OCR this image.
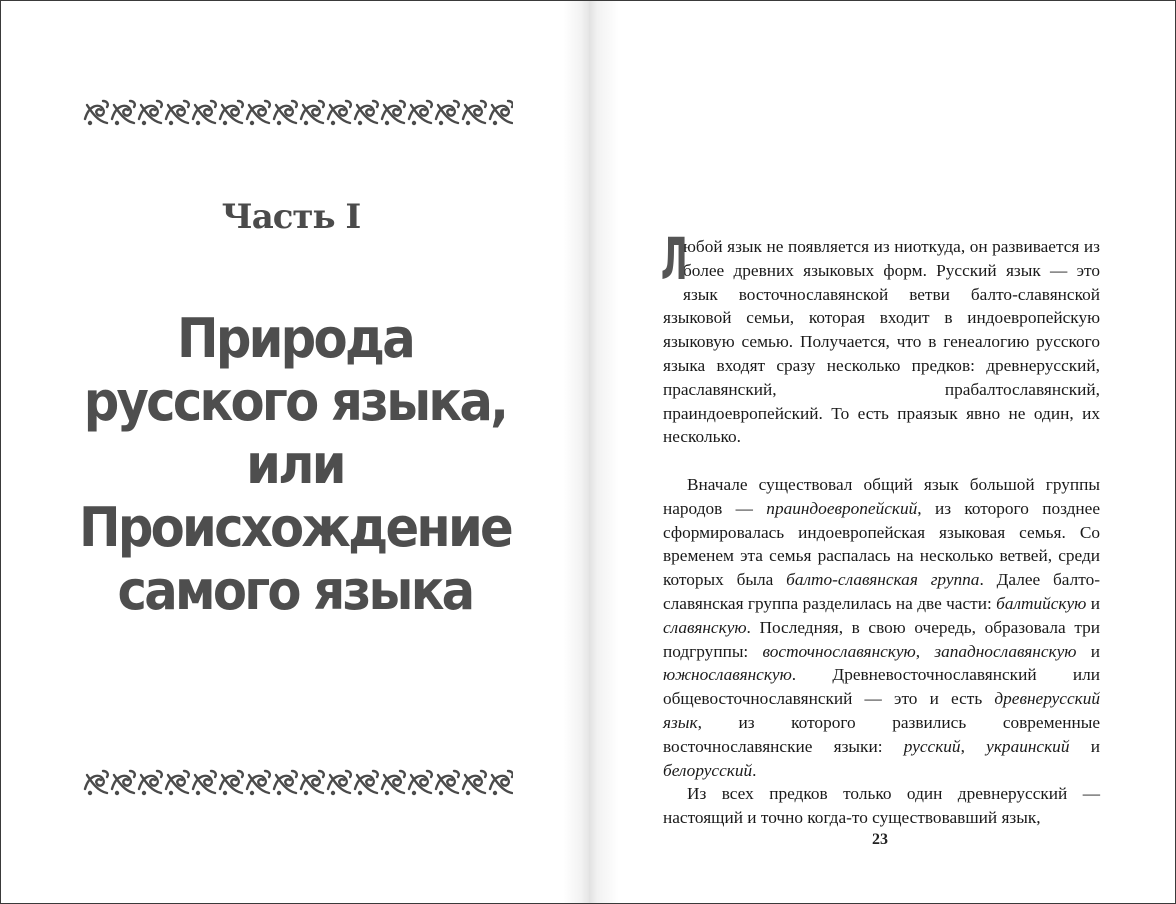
Часть I
Природа
русского языка,
или
Происхождение
самого языка

Л
юбой язык не появляется из ниоткуда, он развивается из более древних языковых форм. Русский язык — это язык восточнославянской ветви балто-славянской языковой семьи, которая входит в индоевропейскую языковую семью. Получается, что в генеалогию русского языка входят сразу несколько предков: древнерусский, праславянский, прабалтославянский, праиндоевропейский. То есть праязык явно не один, их несколько.

Вначале существовал общий язык большой группы народов — праиндоевропейский, из которого позднее сформировалась индоевропейская языковая семья. Со временем эта семья распалась на несколько ветвей, среди которых была балто-славянская группа. Далее балто-славянская группа разделилась на две части: балтийскую и славянскую. Последняя, в свою очередь, образовала три подгруппы: восточнославянскую, западнославянскую и южнославянскую. Древневосточнославянский или общевосточнославянский — это и есть древнерусский язык, из которого развились современные восточнославянские языки: русский, украинский и белорусский.

Из всех предков только один древнерусский — настоящий и точно когда-то существовавший язык,

23
